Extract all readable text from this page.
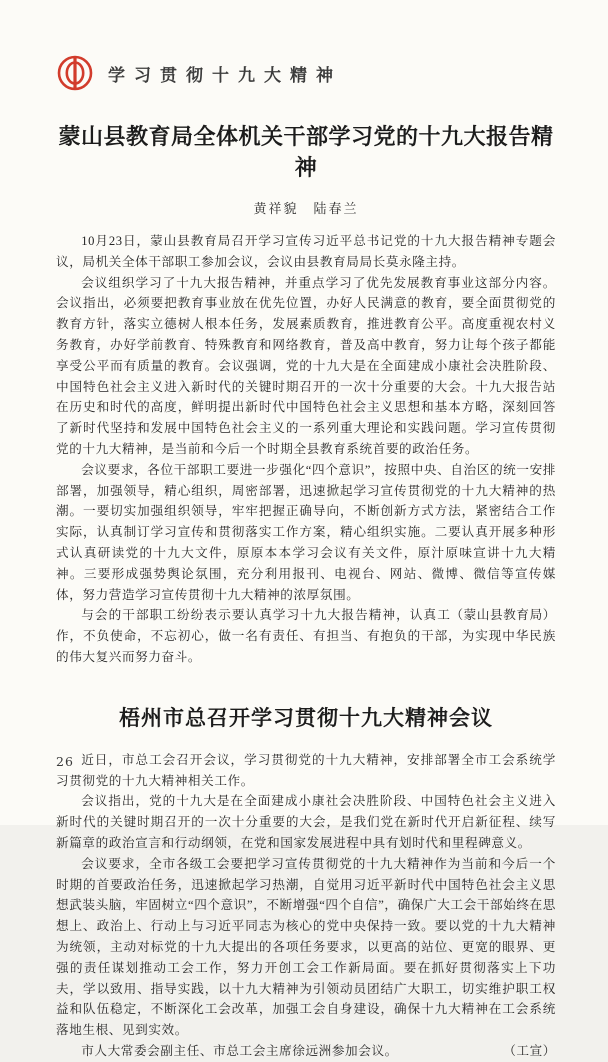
学习贯彻十九大精神
蒙山县教育局全体机关干部学习党的十九大报告精神
黄祥貌　陆春兰

10月23日，蒙山县教育局召开学习宣传习近平总书记党的十九大报告精神专题会议，局机关全体干部职工参加会议，会议由县教育局局长莫永隆主持。

会议组织学习了十九大报告精神，并重点学习了优先发展教育事业这部分内容。会议指出，必须要把教育事业放在优先位置，办好人民满意的教育，要全面贯彻党的教育方针，落实立德树人根本任务，发展素质教育，推进教育公平。高度重视农村义务教育，办好学前教育、特殊教育和网络教育，普及高中教育，努力让每个孩子都能享受公平而有质量的教育。会议强调，党的十九大是在全面建成小康社会决胜阶段、中国特色社会主义进入新时代的关键时期召开的一次十分重要的大会。十九大报告站在历史和时代的高度，鲜明提出新时代中国特色社会主义思想和基本方略，深刻回答了新时代坚持和发展中国特色社会主义的一系列重大理论和实践问题。学习宣传贯彻党的十九大精神，是当前和今后一个时期全县教育系统首要的政治任务。

会议要求，各位干部职工要进一步强化“四个意识”，按照中央、自治区的统一安排部署，加强领导，精心组织，周密部署，迅速掀起学习宣传贯彻党的十九大精神的热潮。一要切实加强组织领导，牢牢把握正确导向，不断创新方式方法，紧密结合工作实际，认真制订学习宣传和贯彻落实工作方案，精心组织实施。二要认真开展多种形式认真研读党的十九大文件，原原本本学习会议有关文件，原汁原味宣讲十九大精神。三要形成强势舆论氛围，充分利用报刊、电视台、网站、微博、微信等宣传媒体，努力营造学习宣传贯彻十九大精神的浓厚氛围。

（蒙山县教育局）
与会的干部职工纷纷表示要认真学习十九大报告精神，认真工作，不负使命，不忘初心，做一名有责任、有担当、有抱负的干部，为实现中华民族的伟大复兴而努力奋斗。

梧州市总召开学习贯彻十九大精神会议

近日，市总工会召开会议，学习贯彻党的十九大精神，安排部署全市工会系统学习贯彻党的十九大精神相关工作。

会议指出，党的十九大是在全面建成小康社会决胜阶段、中国特色社会主义进入新时代的关键时期召开的一次十分重要的大会，是我们党在新时代开启新征程、续写新篇章的政治宣言和行动纲领，在党和国家发展进程中具有划时代和里程碑意义。

会议要求，全市各级工会要把学习宣传贯彻党的十九大精神作为当前和今后一个时期的首要政治任务，迅速掀起学习热潮，自觉用习近平新时代中国特色社会主义思想武装头脑，牢固树立“四个意识”，不断增强“四个自信”，确保广大工会干部始终在思想上、政治上、行动上与习近平同志为核心的党中央保持一致。要以党的十九大精神为统领，主动对标党的十九大提出的各项任务要求，以更高的站位、更宽的眼界、更强的责任谋划推动工会工作，努力开创工会工作新局面。要在抓好贯彻落实上下功夫，学以致用、指导实践，以十九大精神为引领动员团结广大职工，切实维护职工权益和队伍稳定，不断深化工会改革，加强工会自身建设，确保十九大精神在工会系统落地生根、见到实效。

（工宣）
市人大常委会副主任、市总工会主席徐远洲参加会议。

26
